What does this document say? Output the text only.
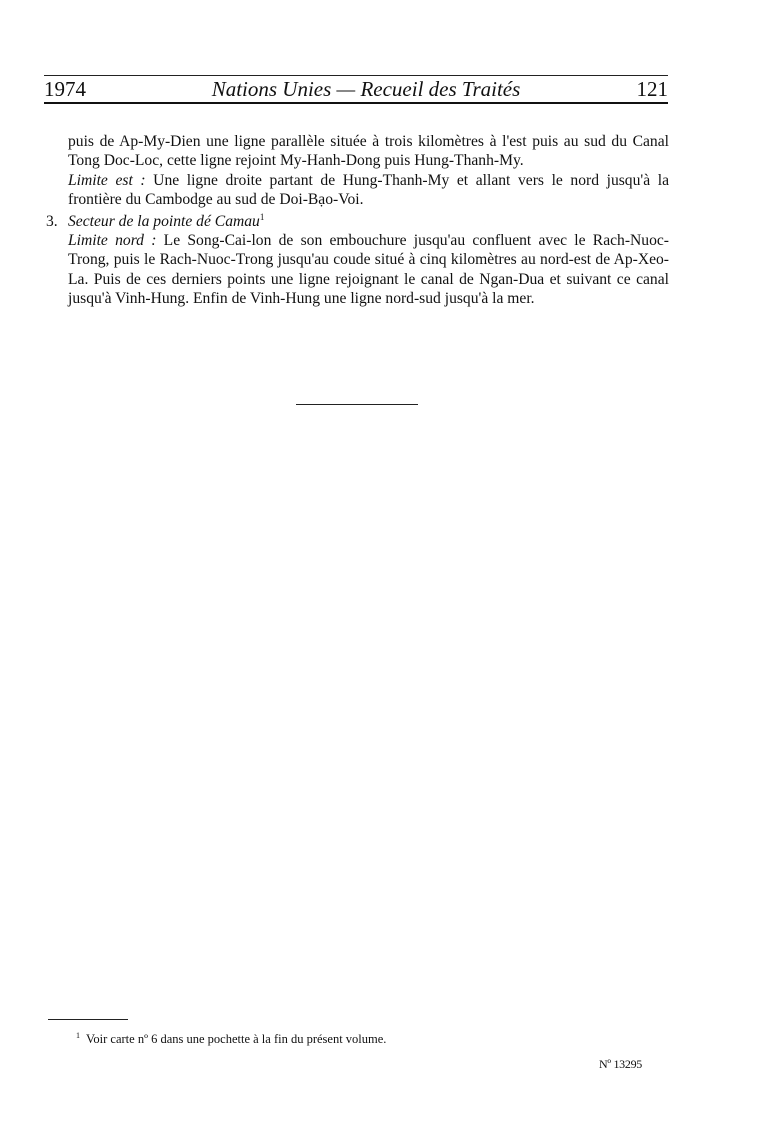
1974	Nations Unies — Recueil des Traités	121

puis de Ap-My-Dien une ligne parallèle située à trois kilomètres à l'est puis au sud du Canal Tong Doc-Loc, cette ligne rejoint My-Hanh-Dong puis Hung-Thanh-My.

Limite est : Une ligne droite partant de Hung-Thanh-My et allant vers le nord jusqu'à la frontière du Cambodge au sud de Doi-Bạo-Voi.

3. Secteur de la pointe dé Camau$^1$

Limite nord : Le Song-Cai-lon de son embouchure jusqu'au confluent avec le Rach-Nuoc-Trong, puis le Rach-Nuoc-Trong jusqu'au coude situé à cinq kilomètres au nord-est de Ap-Xeo-La. Puis de ces derniers points une ligne rejoignant le canal de Ngan-Dua et suivant ce canal jusqu'à Vinh-Hung. Enfin de Vinh-Hung une ligne nord-sud jusqu'à la mer.

$^1$ Voir carte nº 6 dans une pochette à la fin du présent volume.
Nº 13295
